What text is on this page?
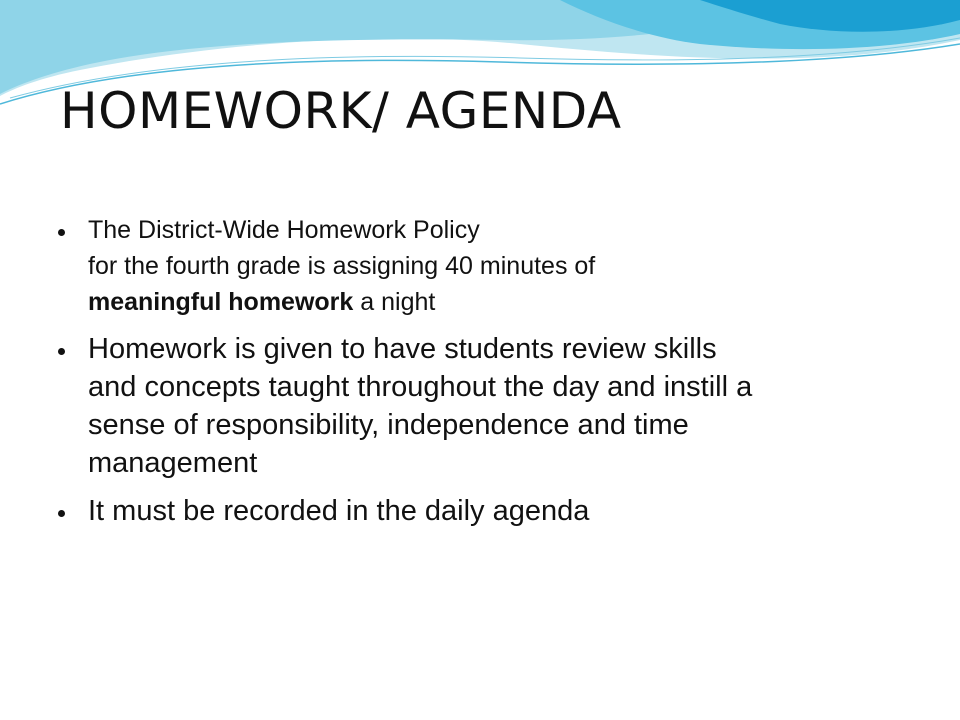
HOMEWORK/ AGENDA
The District-Wide Homework Policy
for the fourth grade is assigning 40 minutes of
meaningful homework a night
Homework is given to have students review skills
and concepts taught throughout the day and instill a
sense of responsibility, independence and time
management
It must be recorded in the daily agenda
